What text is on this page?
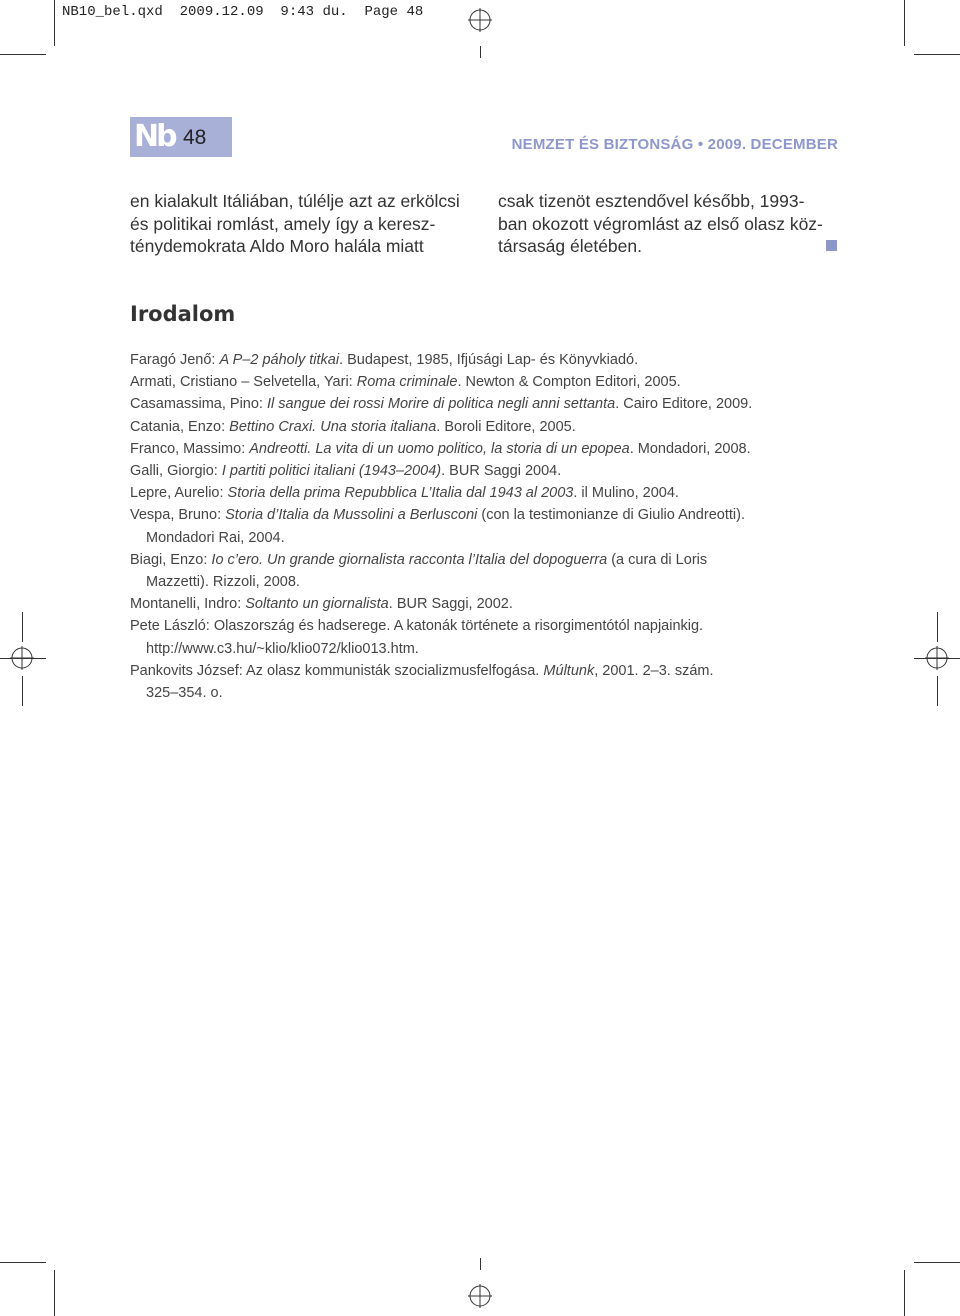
NB10_bel.qxd  2009.12.09  9:43 du.  Page 48
Nb 48	NEMZET ÉS BIZTONSÁG • 2009. DECEMBER

en kialakult Itáliában, túlélje azt az erkölcsi

és politikai romlást, amely így a keresz-

ténydemokrata Aldo Moro halála miatt

csak tizenöt esztendővel később, 1993-

ban okozott végromlást az első olasz köz-

társaság életében.

Irodalom
Faragó Jenő: A P–2 páholy titkai. Budapest, 1985, Ifjúsági Lap- és Könyvkiadó.
Armati, Cristiano – Selvetella, Yari: Roma criminale. Newton & Compton Editori, 2005.
Casamassima, Pino: Il sangue dei rossi Morire di politica negli anni settanta. Cairo Editore, 2009.
Catania, Enzo: Bettino Craxi. Una storia italiana. Boroli Editore, 2005.
Franco, Massimo: Andreotti. La vita di un uomo politico, la storia di un epopea. Mondadori, 2008.
Galli, Giorgio: I partiti politici italiani (1943–2004). BUR Saggi 2004.
Lepre, Aurelio: Storia della prima Repubblica L’Italia dal 1943 al 2003. il Mulino, 2004.
Vespa, Bruno: Storia d’Italia da Mussolini a Berlusconi (con la testimonianze di Giulio Andreotti).
Mondadori Rai, 2004.
Biagi, Enzo: Io c’ero. Un grande giornalista racconta l’Italia del dopoguerra (a cura di Loris
Mazzetti). Rizzoli, 2008.
Montanelli, Indro: Soltanto un giornalista. BUR Saggi, 2002.
Pete László: Olaszország és hadserege. A katonák története a risorgimentótól napjainkig.
http://www.c3.hu/~klio/klio072/klio013.htm.
Pankovits József: Az olasz kommunisták szocializmusfelfogása. Múltunk, 2001. 2–3. szám.
325–354. o.
